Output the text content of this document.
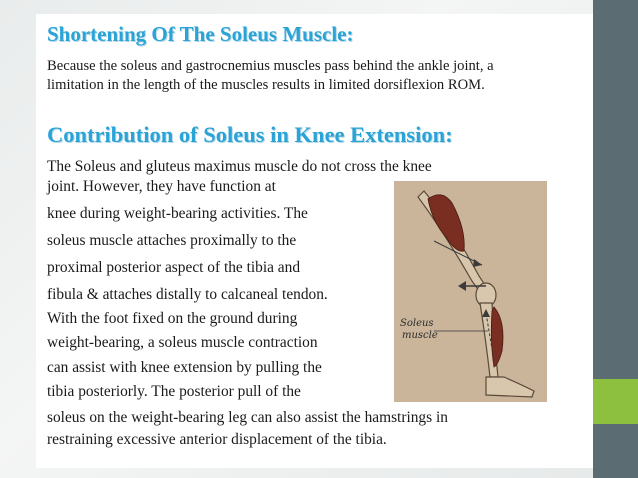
Shortening Of The Soleus Muscle:

Because the soleus and gastrocnemius muscles pass behind the ankle joint, a limitation in the length of the muscles results in limited dorsiflexion ROM.

Contribution of Soleus in Knee Extension:

The Soleus and gluteus maximus muscle do not cross the knee

joint. However, they have function at

knee during weight-bearing activities. The

soleus muscle attaches proximally to the

proximal posterior aspect of the tibia and

fibula & attaches distally to calcaneal tendon.

With the foot fixed on the ground during

weight-bearing, a soleus muscle contraction

can assist with knee extension by pulling the

tibia posteriorly. The posterior pull of the

soleus on the weight-bearing leg can also assist the hamstrings in

restraining excessive anterior displacement of the tibia.

Soleus muscle
